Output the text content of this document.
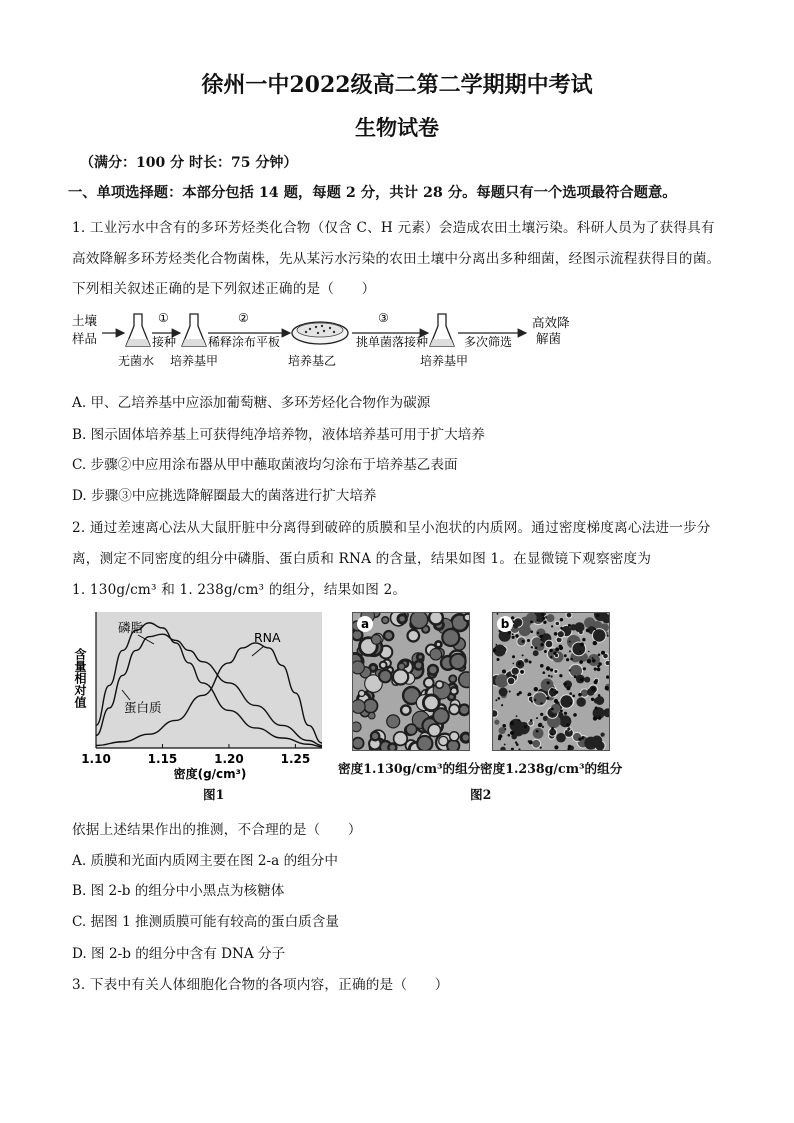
徐州一中2022级高二第二学期期中考试
生物试卷
（满分：100 分 时长：75 分钟）
一、单项选择题：本部分包括 14 题，每题 2 分，共计 28 分。每题只有一个选项最符合题意。
1. 工业污水中含有的多环芳烃类化合物（仅含 C、H 元素）会造成农田土壤污染。科研人员为了获得具有
高效降解多环芳烃类化合物菌株，先从某污水污染的农田土壤中分离出多种细菌，经图示流程获得目的菌。
下列相关叙述正确的是下列叙述正确的是（　　）
土壤
样品
无菌水
①
接种
培养基甲
②
稀释涂布平板
培养基乙
③
挑单菌落接种
培养基甲
多次筛选
高效降
解菌
A. 甲、乙培养基中应添加葡萄糖、多环芳烃化合物作为碳源
B. 图示固体培养基上可获得纯净培养物，液体培养基可用于扩大培养
C. 步骤②中应用涂布器从甲中蘸取菌液均匀涂布于培养基乙表面
D. 步骤③中应挑选降解圈最大的菌落进行扩大培养
2. 通过差速离心法从大鼠肝脏中分离得到破碎的质膜和呈小泡状的内质网。通过密度梯度离心法进一步分
离，测定不同密度的组分中磷脂、蛋白质和 RNA 的含量，结果如图 1。在显微镜下观察密度为
1. 130g/cm³ 和 1. 238g/cm³ 的组分，结果如图 2。
1.10	1.15	1.20	1.25
磷脂
蛋白质
RNA
含量相对值
密度(g/cm³)
图1
a	b
密度1.130g/cm³的组分 密度1.238g/cm³的组分
图2
依据上述结果作出的推测，不合理的是（　　）
A. 质膜和光面内质网主要在图 2-a 的组分中
B. 图 2-b 的组分中小黑点为核糖体
C. 据图 1 推测质膜可能有较高的蛋白质含量
D. 图 2-b 的组分中含有 DNA 分子
3. 下表中有关人体细胞化合物的各项内容，正确的是（　　）
